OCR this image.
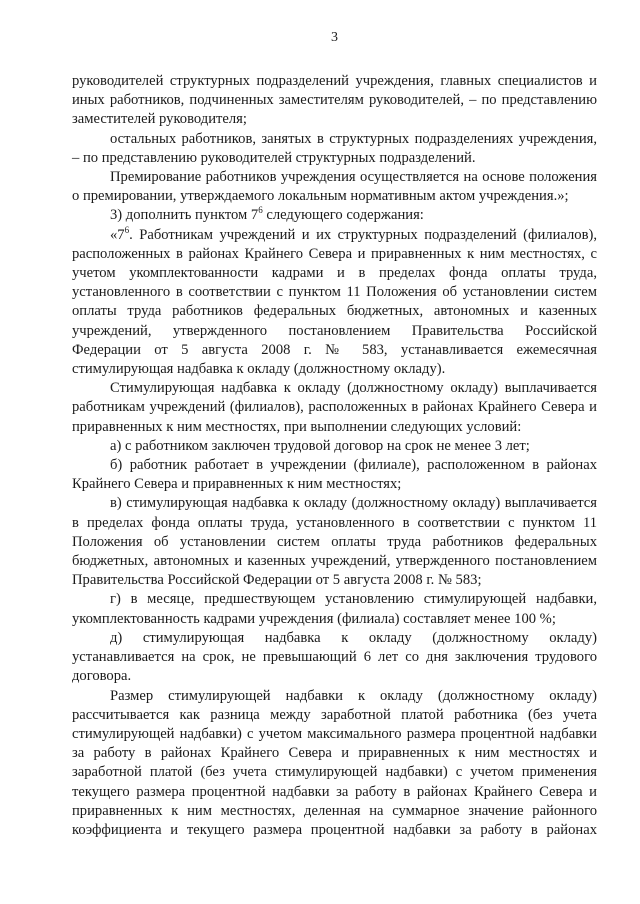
3

руководителей структурных подразделений учреждения, главных специалистов и иных работников, подчиненных заместителям руководителей, – по представлению заместителей руководителя;

остальных работников, занятых в структурных подразделениях учреждения, – по представлению руководителей структурных подразделений.

Премирование работников учреждения осуществляется на основе положения о премировании, утверждаемого локальным нормативным актом учреждения.»;

3) дополнить пунктом $7^6$ следующего содержания:

«$7^6$. Работникам учреждений и их структурных подразделений (филиалов), расположенных в районах Крайнего Севера и приравненных к ним местностях, с учетом укомплектованности кадрами и в пределах фонда оплаты труда, установленного в соответствии с пунктом 11 Положения об установлении систем оплаты труда работников федеральных бюджетных, автономных и казенных учреждений, утвержденного постановлением Правительства Российской Федерации от 5 августа 2008 г. № 583, устанавливается ежемесячная стимулирующая надбавка к окладу (должностному окладу).

Стимулирующая надбавка к окладу (должностному окладу) выплачивается работникам учреждений (филиалов), расположенных в районах Крайнего Севера и приравненных к ним местностях, при выполнении следующих условий:

а) с работником заключен трудовой договор на срок не менее 3 лет;

б) работник работает в учреждении (филиале), расположенном в районах Крайнего Севера и приравненных к ним местностях;

в) стимулирующая надбавка к окладу (должностному окладу) выплачивается в пределах фонда оплаты труда, установленного в соответствии с пунктом 11 Положения об установлении систем оплаты труда работников федеральных бюджетных, автономных и казенных учреждений, утвержденного постановлением Правительства Российской Федерации от 5 августа 2008 г. № 583;

г) в месяце, предшествующем установлению стимулирующей надбавки, укомплектованность кадрами учреждения (филиала) составляет менее 100 %;

д) стимулирующая надбавка к окладу (должностному окладу) устанавливается на срок, не превышающий 6 лет со дня заключения трудового договора.

Размер стимулирующей надбавки к окладу (должностному окладу) рассчитывается как разница между заработной платой работника (без учета стимулирующей надбавки) с учетом максимального размера процентной надбавки за работу в районах Крайнего Севера и приравненных к ним местностях и заработной платой (без учета стимулирующей надбавки) с учетом применения текущего размера процентной надбавки за работу в районах Крайнего Севера и приравненных к ним местностях, деленная на суммарное значение районного коэффициента и текущего размера процентной надбавки за работу в районах
